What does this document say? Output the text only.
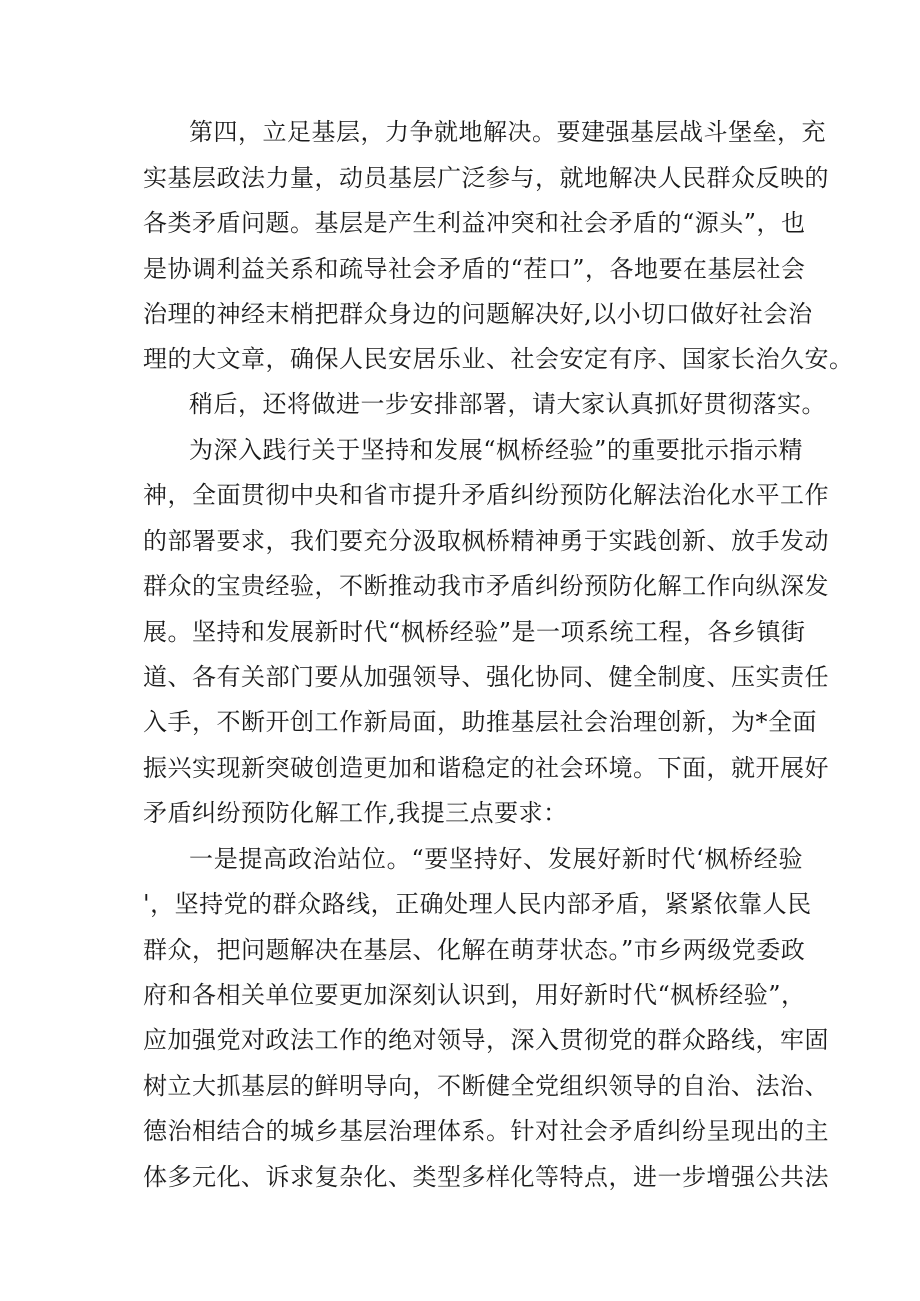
第四，立足基层，力争就地解决。要建强基层战斗堡垒，充
实基层政法力量，动员基层广泛参与，就地解决人民群众反映的
各类矛盾问题。基层是产生利益冲突和社会矛盾的“源头”，也
是协调利益关系和疏导社会矛盾的“茬口”，各地要在基层社会
治理的神经末梢把群众身边的问题解决好,以小切口做好社会治
理的大文章，确保人民安居乐业、社会安定有序、国家长治久安。
稍后，还将做进一步安排部署，请大家认真抓好贯彻落实。
为深入践行关于坚持和发展“枫桥经验”的重要批示指示精
神，全面贯彻中央和省市提升矛盾纠纷预防化解法治化水平工作
的部署要求，我们要充分汲取枫桥精神勇于实践创新、放手发动
群众的宝贵经验，不断推动我市矛盾纠纷预防化解工作向纵深发
展。坚持和发展新时代“枫桥经验”是一项系统工程，各乡镇街
道、各有关部门要从加强领导、强化协同、健全制度、压实责任
入手，不断开创工作新局面，助推基层社会治理创新，为*全面
振兴实现新突破创造更加和谐稳定的社会环境。下面，就开展好
矛盾纠纷预防化解工作,我提三点要求：
一是提高政治站位。“要坚持好、发展好新时代‘枫桥经验
'，坚持党的群众路线，正确处理人民内部矛盾，紧紧依靠人民
群众，把问题解决在基层、化解在萌芽状态。”市乡两级党委政
府和各相关单位要更加深刻认识到，用好新时代“枫桥经验”，
应加强党对政法工作的绝对领导，深入贯彻党的群众路线，牢固
树立大抓基层的鲜明导向，不断健全党组织领导的自治、法治、
德治相结合的城乡基层治理体系。针对社会矛盾纠纷呈现出的主
体多元化、诉求复杂化、类型多样化等特点，进一步增强公共法
